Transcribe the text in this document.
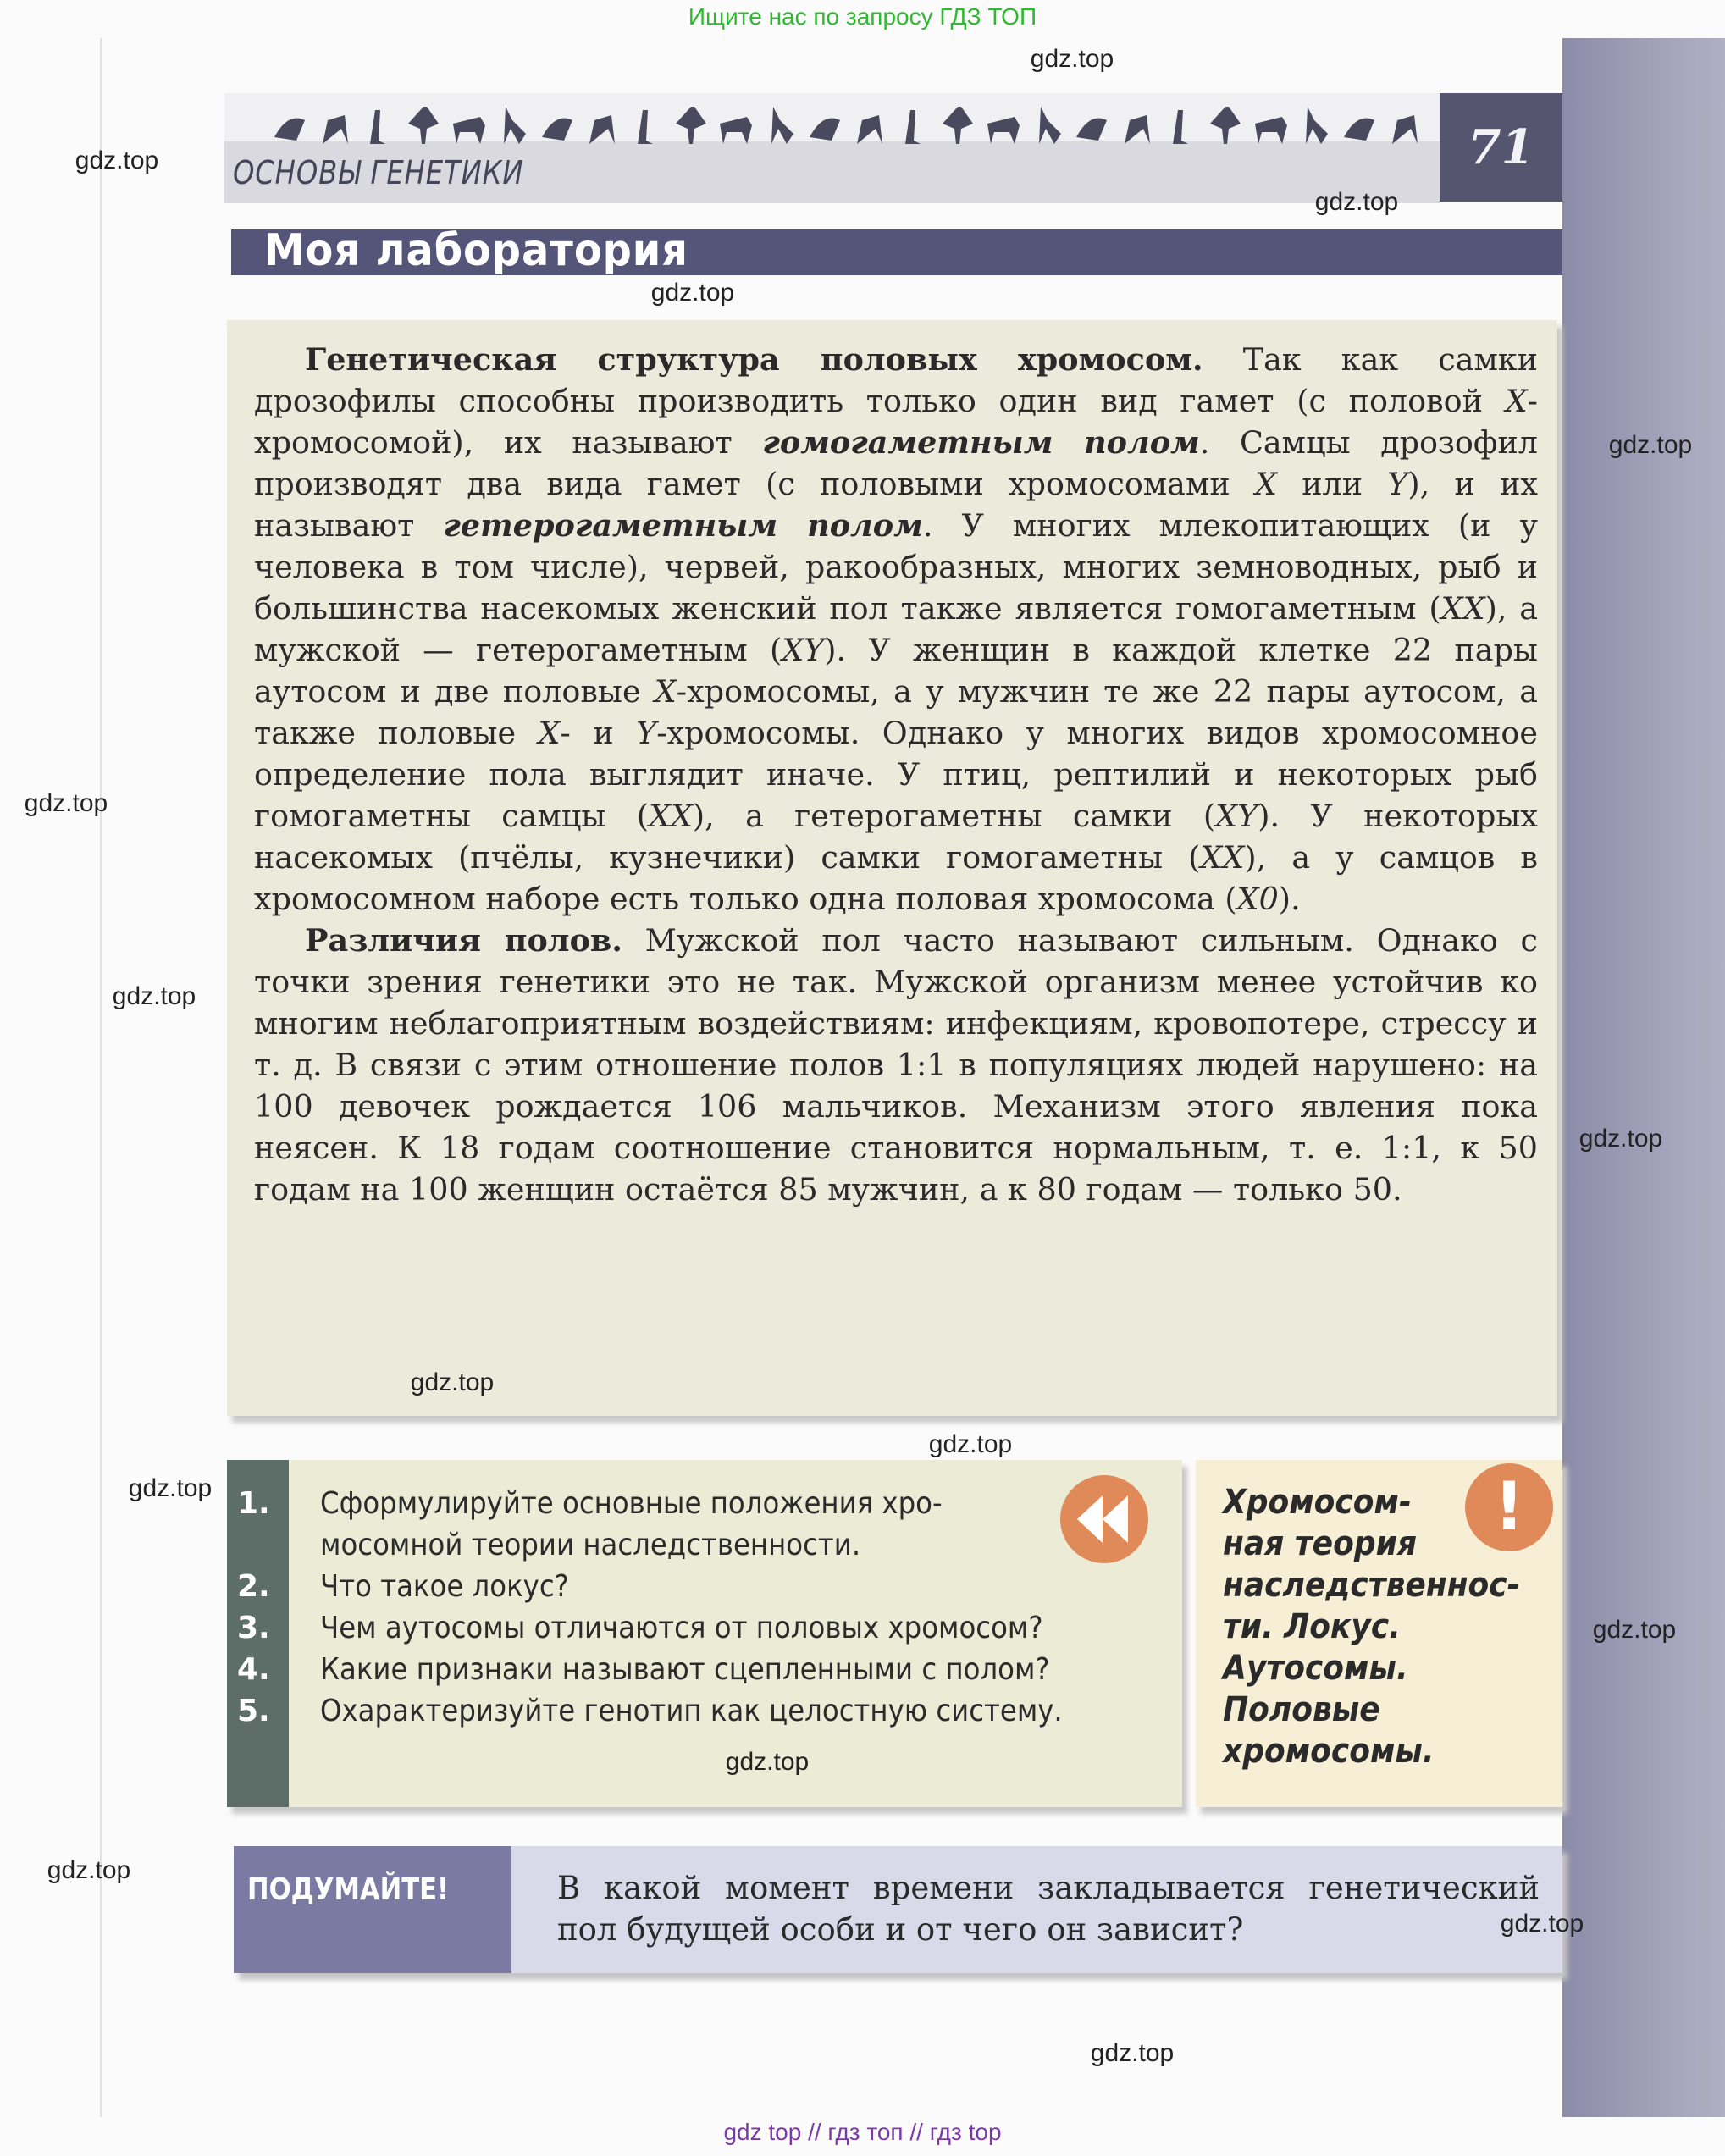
Ищите нас по запросу ГДЗ ТОП
ОСНОВЫ ГЕНЕТИКИ	71
Моя лаборатория

Генетическая структура половых хромосом. Так как самки дрозофилы способны производить только один вид гамет (с половой X-хромосомой), их называют гомогаметным полом. Самцы дрозофил производят два вида гамет (с половыми хромосомами X или Y), и их называют гетерогаметным полом. У многих млекопитающих (и у человека в том числе), червей, ракообразных, многих земноводных, рыб и большинства насекомых женский пол также является гомогаметным (XX), а мужской — гетерогаметным (XY). У женщин в каждой клетке 22 пары аутосом и две половые X-хромосомы, а у мужчин те же 22 пары аутосом, а также половые X- и Y-хромосомы. Однако у многих видов хромосомное определение пола выглядит иначе. У птиц, рептилий и некоторых рыб гомогаметны самцы (XX), а гетерогаметны самки (XY). У некоторых насекомых (пчёлы, кузнечики) самки гомогаметны (XX), а у самцов в хромосомном наборе есть только одна половая хромосома (X0).

Различия полов. Мужской пол часто называют сильным. Однако с точки зрения генетики это не так. Мужской организм менее устойчив ко многим неблагоприятным воздействиям: инфекциям, кровопотере, стрессу и т. д. В связи с этим отношение полов 1:1 в популяциях людей нарушено: на 100 девочек рождается 106 мальчиков. Механизм этого явления пока неясен. К 18 годам соотношение становится нормальным, т. е. 1:1, к 50 годам на 100 женщин остаётся 85 мужчин, а к 80 годам — только 50.

1.	Сформулируйте основные положения хро-
мосомной теории наследственности.
2.	Что такое локус?
3.	Чем аутосомы отличаются от половых хромосом?
4.	Какие признаки называют сцепленными с полом?
5.	Охарактеризуйте генотип как целостную систему.
!
Хромосом-
ная теория
наследственнос-
ти. Локус.
Аутосомы.
Половые
хромосомы.
ПОДУМАЙТЕ!	В какой момент времени закладывается генетический пол будущей особи и от чего он зависит?
gdz.top
gdz.top
gdz.top
gdz.top
gdz.top
gdz.top
gdz.top
gdz.top
gdz.top
gdz.top
gdz.top
gdz.top
gdz.top
gdz.top
gdz.top
gdz.top
gdz top // гдз топ // гдз top
